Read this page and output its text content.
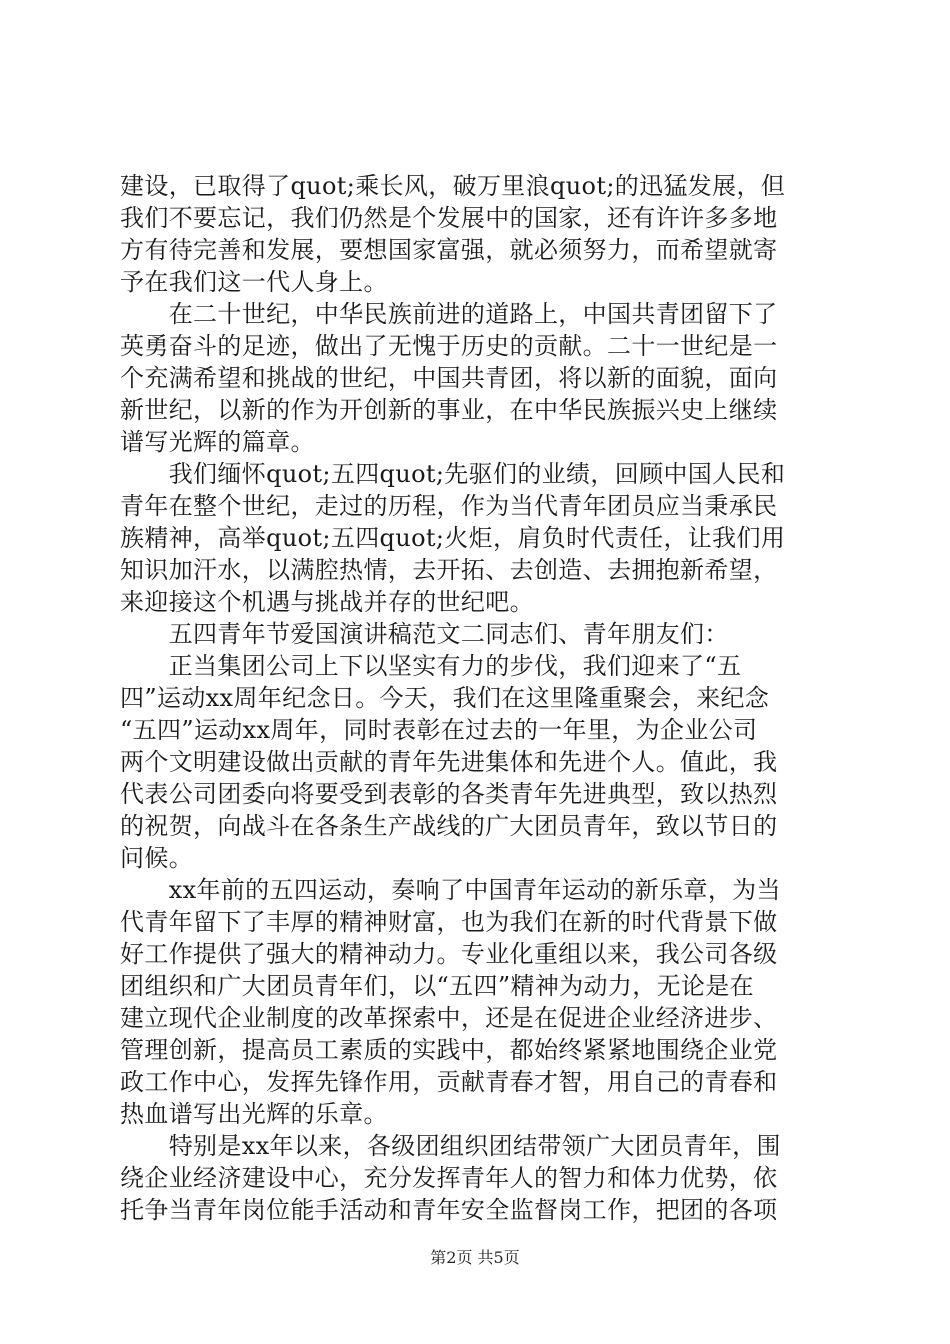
建设，已取得了quot;乘长风，破万里浪quot;的迅猛发展，但
我们不要忘记，我们仍然是个发展中的国家，还有许许多多地
方有待完善和发展，要想国家富强，就必须努力，而希望就寄
予在我们这一代人身上。
　　在二十世纪，中华民族前进的道路上，中国共青团留下了
英勇奋斗的足迹，做出了无愧于历史的贡献。二十一世纪是一
个充满希望和挑战的世纪，中国共青团，将以新的面貌，面向
新世纪，以新的作为开创新的事业，在中华民族振兴史上继续
谱写光辉的篇章。
　　我们缅怀quot;五四quot;先驱们的业绩，回顾中国人民和
青年在整个世纪，走过的历程，作为当代青年团员应当秉承民
族精神，高举quot;五四quot;火炬，肩负时代责任，让我们用
知识加汗水，以满腔热情，去开拓、去创造、去拥抱新希望，
来迎接这个机遇与挑战并存的世纪吧。
　　五四青年节爱国演讲稿范文二同志们、青年朋友们：
　　正当集团公司上下以坚实有力的步伐，我们迎来了“五
四”运动xx周年纪念日。今天，我们在这里隆重聚会，来纪念
“五四”运动xx周年，同时表彰在过去的一年里，为企业公司
两个文明建设做出贡献的青年先进集体和先进个人。值此，我
代表公司团委向将要受到表彰的各类青年先进典型，致以热烈
的祝贺，向战斗在各条生产战线的广大团员青年，致以节日的
问候。
　　xx年前的五四运动，奏响了中国青年运动的新乐章，为当
代青年留下了丰厚的精神财富，也为我们在新的时代背景下做
好工作提供了强大的精神动力。专业化重组以来，我公司各级
团组织和广大团员青年们，以“五四”精神为动力，无论是在
建立现代企业制度的改革探索中，还是在促进企业经济进步、
管理创新，提高员工素质的实践中，都始终紧紧地围绕企业党
政工作中心，发挥先锋作用，贡献青春才智，用自己的青春和
热血谱写出光辉的乐章。
　　特别是xx年以来，各级团组织团结带领广大团员青年，围
绕企业经济建设中心，充分发挥青年人的智力和体力优势，依
托争当青年岗位能手活动和青年安全监督岗工作，把团的各项
第2页 共5页
